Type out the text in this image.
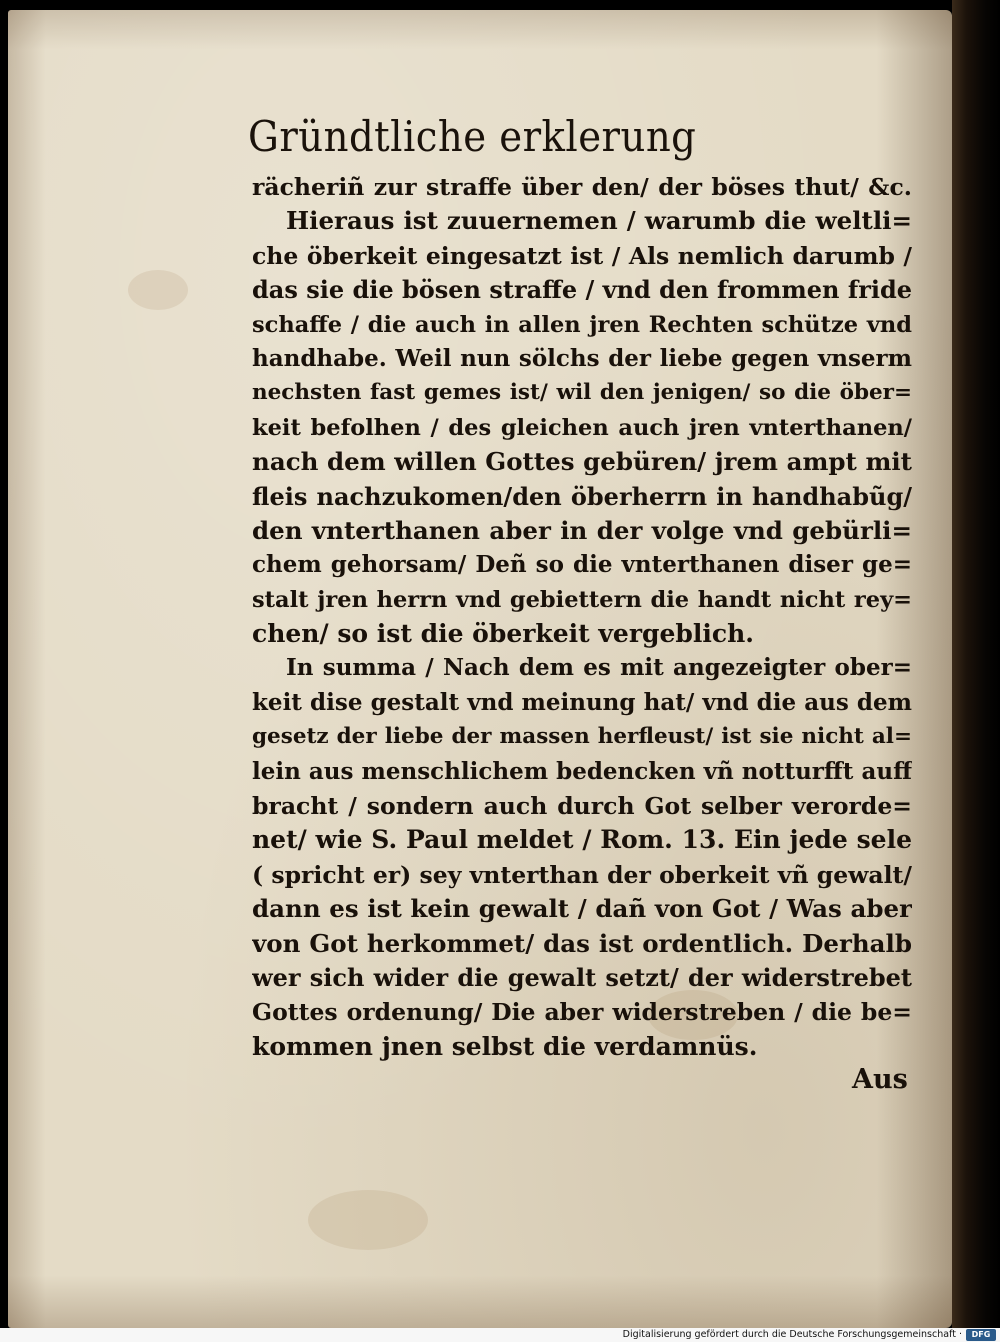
Gründtliche erklerung
rächeriñ zur straffe über den/ der böses thut/ &c.
Hieraus ist zuuernemen / warumb die weltli=
che öberkeit eingesatzt ist / Als nemlich darumb /
das sie die bösen straffe / vnd den frommen fride
schaffe / die auch in allen jren Rechten schütze vnd
handhabe. Weil nun sölchs der liebe gegen vnserm
nechsten fast gemes ist/ wil den jenigen/ so die öber=
keit befolhen / des gleichen auch jren vnterthanen/
nach dem willen Gottes gebüren/ jrem ampt mit
fleis nachzukomen/den öberherrn in handhabũg/
den vnterthanen aber in der volge vnd gebürli=
chem gehorsam/ Deñ so die vnterthanen diser ge=
stalt jren herrn vnd gebiettern die handt nicht rey=
chen/ so ist die öberkeit vergeblich.
In summa / Nach dem es mit angezeigter ober=
keit dise gestalt vnd meinung hat/ vnd die aus dem
gesetz der liebe der massen herfleust/ ist sie nicht al=
lein aus menschlichem bedencken vñ notturfft auff
bracht / sondern auch durch Got selber verorde=
net/ wie S. Paul meldet / Rom. 13. Ein jede sele
( spricht er) sey vnterthan der oberkeit vñ gewalt/
dann es ist kein gewalt / dañ von Got / Was aber
von Got herkommet/ das ist ordentlich. Derhalb
wer sich wider die gewalt setzt/ der widerstrebet
Gottes ordenung/ Die aber widerstreben / die be=
kommen jnen selbst die verdamnüs.
Aus
Digitalisierung gefördert durch die Deutsche Forschungsgemeinschaft ·	DFG
